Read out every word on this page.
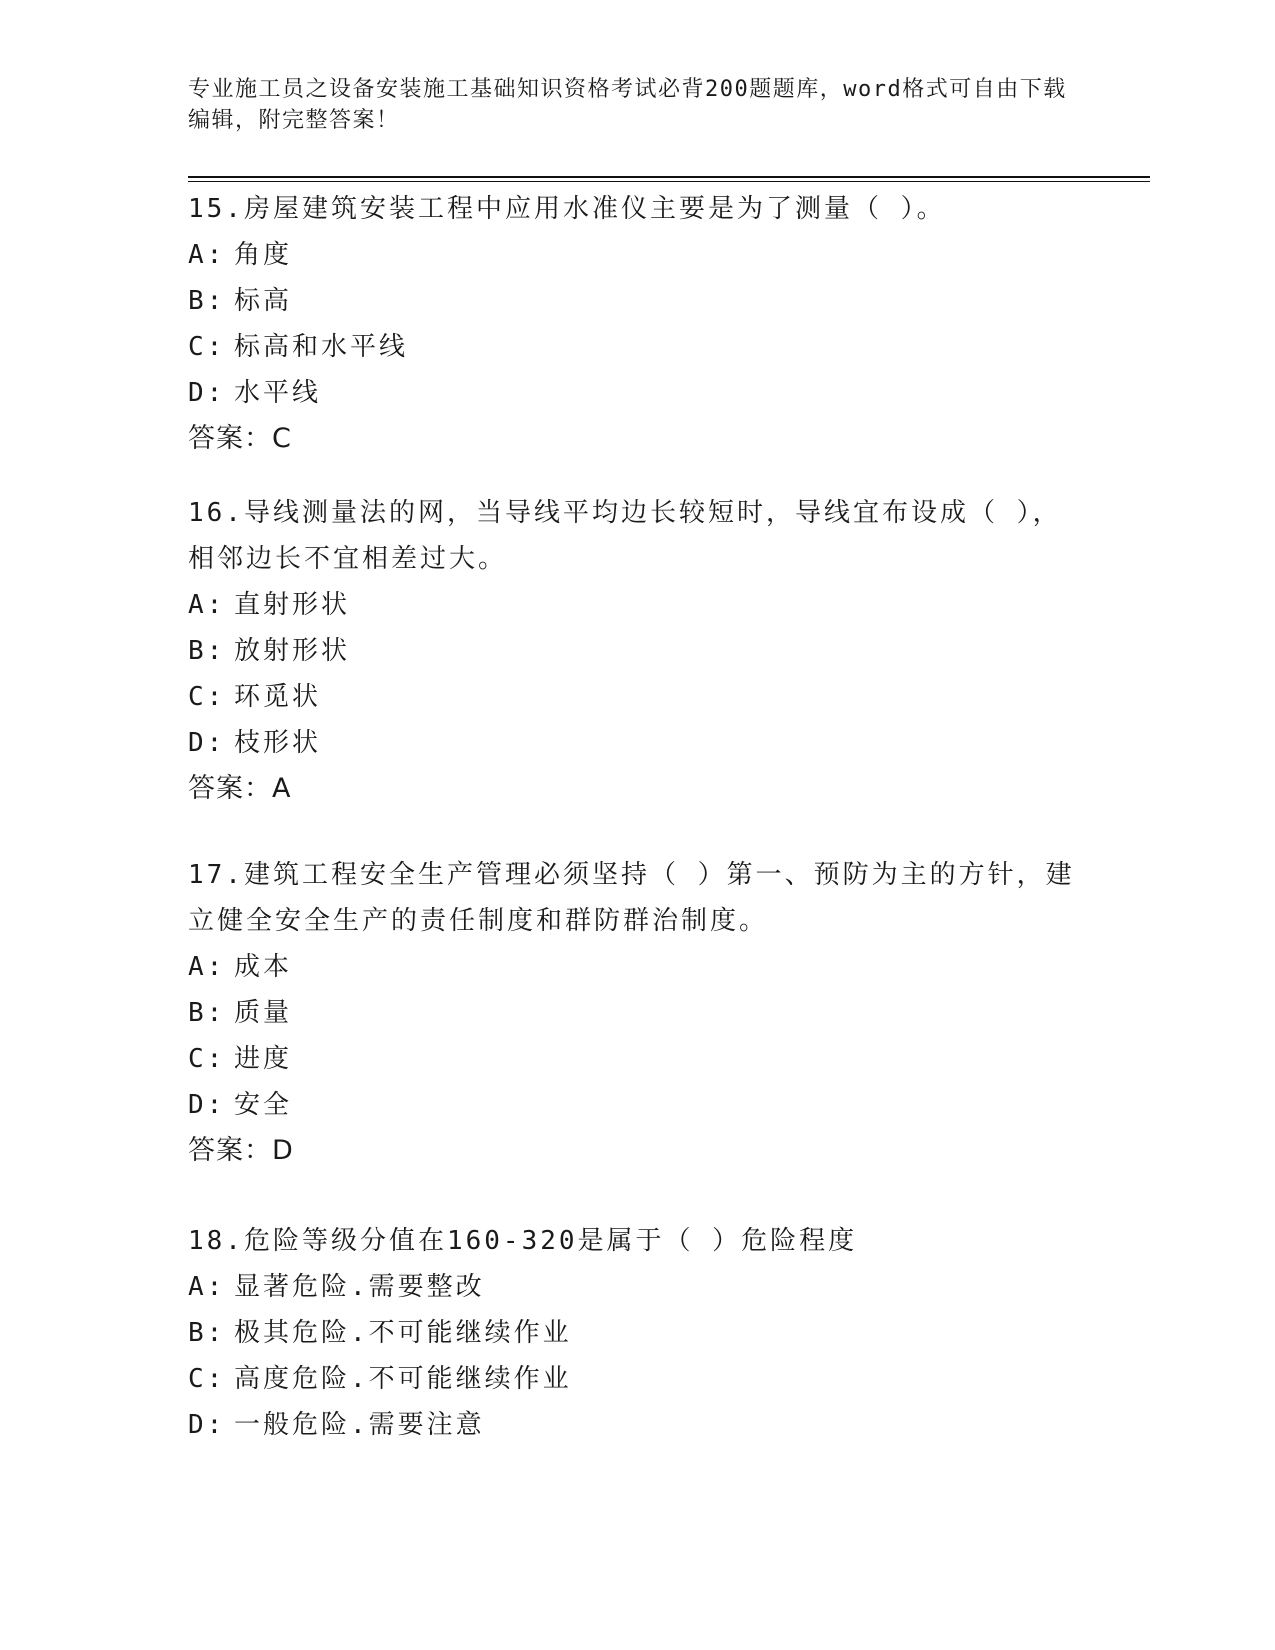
专业施工员之设备安装施工基础知识资格考试必背200题题库，word格式可自由下载编辑，附完整答案！

15.房屋建筑安装工程中应用水准仪主要是为了测量（ ）。

A: 角度

B: 标高

C: 标高和水平线

D: 水平线

答案：C

16.导线测量法的网，当导线平均边长较短时，导线宜布设成（ ），相邻边长不宜相差过大。

A: 直射形状

B: 放射形状

C: 环觅状

D: 枝形状

答案：A

17.建筑工程安全生产管理必须坚持（ ）第一、预防为主的方针，建立健全安全生产的责任制度和群防群治制度。

A: 成本

B: 质量

C: 进度

D: 安全

答案：D

18.危险等级分值在160-320是属于（ ）危险程度

A: 显著危险.需要整改

B: 极其危险.不可能继续作业

C: 高度危险.不可能继续作业

D: 一般危险.需要注意
